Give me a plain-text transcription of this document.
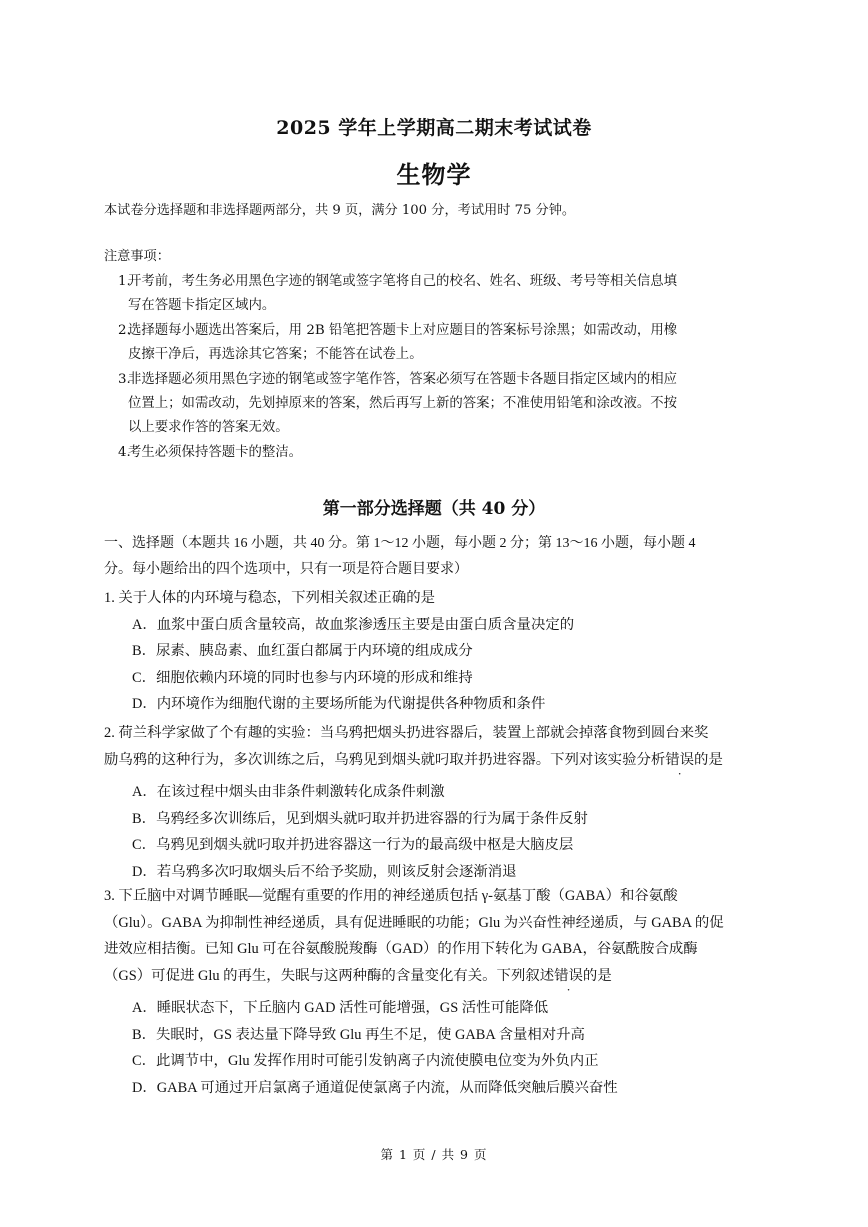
2025 学年上学期高二期末考试试卷
生物学
本试卷分选择题和非选择题两部分，共 9 页，满分 100 分，考试用时 75 分钟。
注意事项：
1.
开考前，考生务必用黑色字迹的钢笔或签字笔将自己的校名、姓名、班级、考号等相关信息填
写在答题卡指定区域内。
2.
选择题每小题选出答案后，用 2B 铅笔把答题卡上对应题目的答案标号涂黑；如需改动，用橡
皮擦干净后，再选涂其它答案；不能答在试卷上。
3.
非选择题必须用黑色字迹的钢笔或签字笔作答，答案必须写在答题卡各题目指定区域内的相应
位置上；如需改动，先划掉原来的答案，然后再写上新的答案；不准使用铅笔和涂改液。不按
以上要求作答的答案无效。
4.
考生必须保持答题卡的整洁。
第一部分选择题（共 40 分）
一、选择题（本题共 16 小题，共 40 分。第 1～12 小题，每小题 2 分；第 13～16 小题，每小题 4
分。每小题给出的四个选项中，只有一项是符合题目要求）
1. 关于人体的内环境与稳态，下列相关叙述正确的是
A．血浆中蛋白质含量较高，故血浆渗透压主要是由蛋白质含量决定的
B．尿素、胰岛素、血红蛋白都属于内环境的组成成分
C．细胞依赖内环境的同时也参与内环境的形成和维持
D．内环境作为细胞代谢的主要场所能为代谢提供各种物质和条件
2. 荷兰科学家做了个有趣的实验：当乌鸦把烟头扔进容器后，装置上部就会掉落食物到圆台来奖
励乌鸦的这种行为，多次训练之后，乌鸦见到烟头就叼取并扔进容器。下列对该实验分析错误的是
A．在该过程中烟头由非条件刺激转化成条件刺激
B．乌鸦经多次训练后，见到烟头就叼取并扔进容器的行为属于条件反射
C．乌鸦见到烟头就叼取并扔进容器这一行为的最高级中枢是大脑皮层
D．若乌鸦多次叼取烟头后不给予奖励，则该反射会逐渐消退
3. 下丘脑中对调节睡眠—觉醒有重要的作用的神经递质包括 γ-氨基丁酸（GABA）和谷氨酸
（Glu）。GABA 为抑制性神经递质，具有促进睡眠的功能；Glu 为兴奋性神经递质，与 GABA 的促
进效应相拮衡。已知 Glu 可在谷氨酸脱羧酶（GAD）的作用下转化为 GABA，谷氨酰胺合成酶
（GS）可促进 Glu 的再生，失眠与这两种酶的含量变化有关。下列叙述错误的是
A．睡眠状态下，下丘脑内 GAD 活性可能增强，GS 活性可能降低
B．失眠时，GS 表达量下降导致 Glu 再生不足，使 GABA 含量相对升高
C．此调节中，Glu 发挥作用时可能引发钠离子内流使膜电位变为外负内正
D．GABA 可通过开启氯离子通道促使氯离子内流，从而降低突触后膜兴奋性
第 1 页 / 共 9 页
